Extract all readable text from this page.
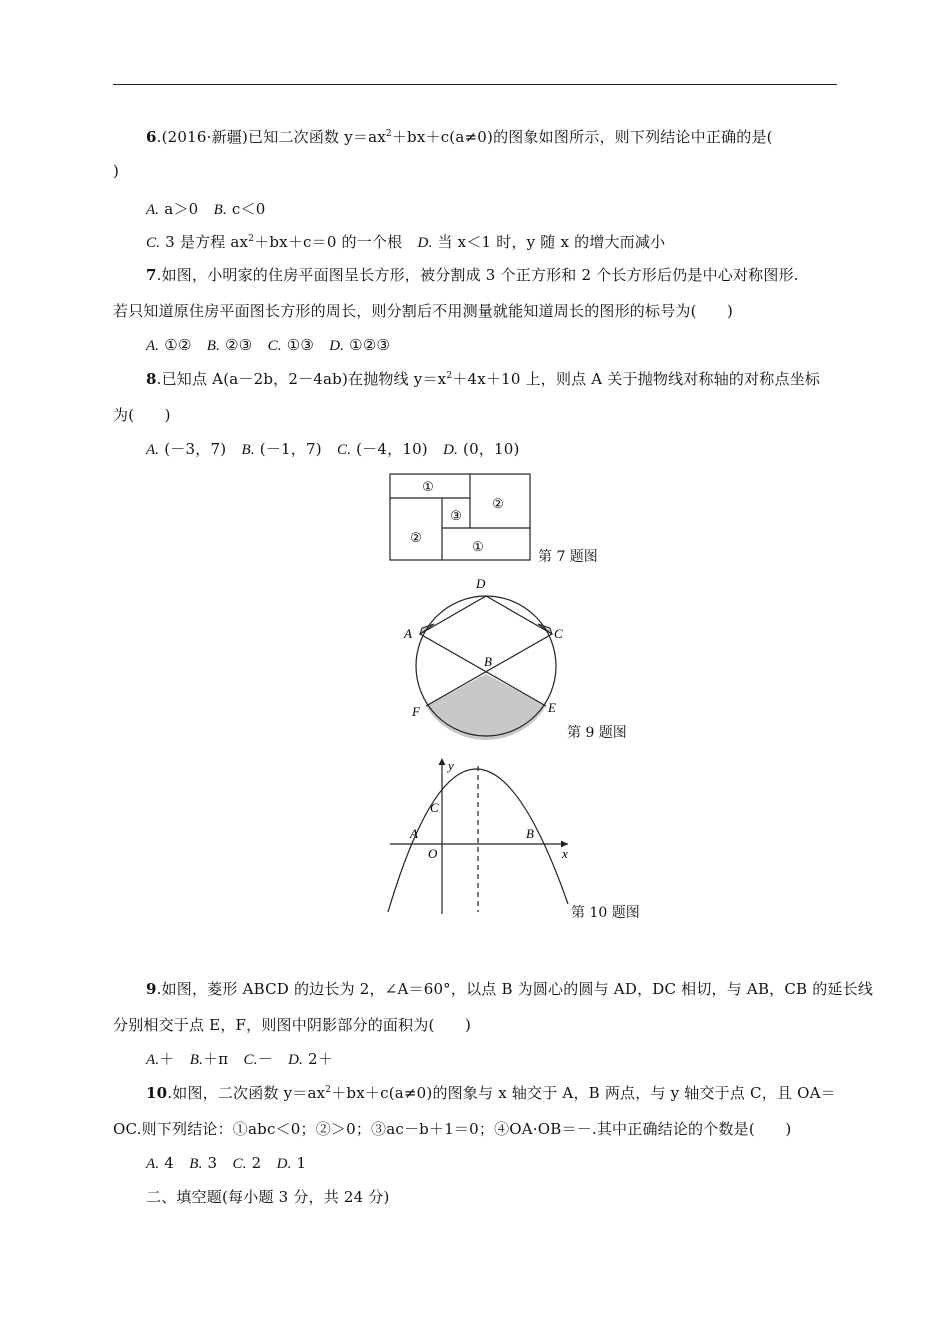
6.(2016·新疆)已知二次函数 $y=ax^2+bx+c(a\ne 0)$的图象如图所示，则下列结论中正确的是(
)
A. a＞0　 B. c＜0
C. 3 是方程 $ax^2+bx+c=0$ 的一个根　 D. 当 x＜1 时，y 随 x 的增大而减小
7.如图，小明家的住房平面图呈长方形，被分割成 3 个正方形和 2 个长方形后仍是中心对称图形.
若只知道原住房平面图长方形的周长，则分割后不用测量就能知道周长的图形的标号为(　　)
A. ①②　 B. ②③　 C. ①③　 D. ①②③
8.已知点 A(a－2b，2－4ab)在抛物线 $y=x^2+4x+10$ 上，则点 A 关于抛物线对称轴的对称点坐标
为(　　)
A. (－3，7)　 B. (－1，7)　 C. (－4，10)　 D. (0，10)
①
②
③
②
①
第 7 题图
D
A	C
B
F	E
第 9 题图
y
x
C
A
O
B
第 10 题图
9.如图，菱形 ABCD 的边长为 2，∠A＝60°，以点 B 为圆心的圆与 AD，DC 相切，与 AB，CB 的延长线
分别相交于点 E，F，则图中阴影部分的面积为(　　)
A.＋　 B.＋π　 C.－　 D. 2＋
10.如图，二次函数 $y=ax^2+bx+c(a\ne 0)$的图象与 x 轴交于 A，B 两点，与 y 轴交于点 C，且 OA＝
OC.则下列结论：①abc＜0；②＞0；③ac－b＋1＝0；④OA·OB＝－.其中正确结论的个数是(　　)
A. 4　 B. 3　 C. 2　 D. 1
二、填空题(每小题 3 分，共 24 分)
